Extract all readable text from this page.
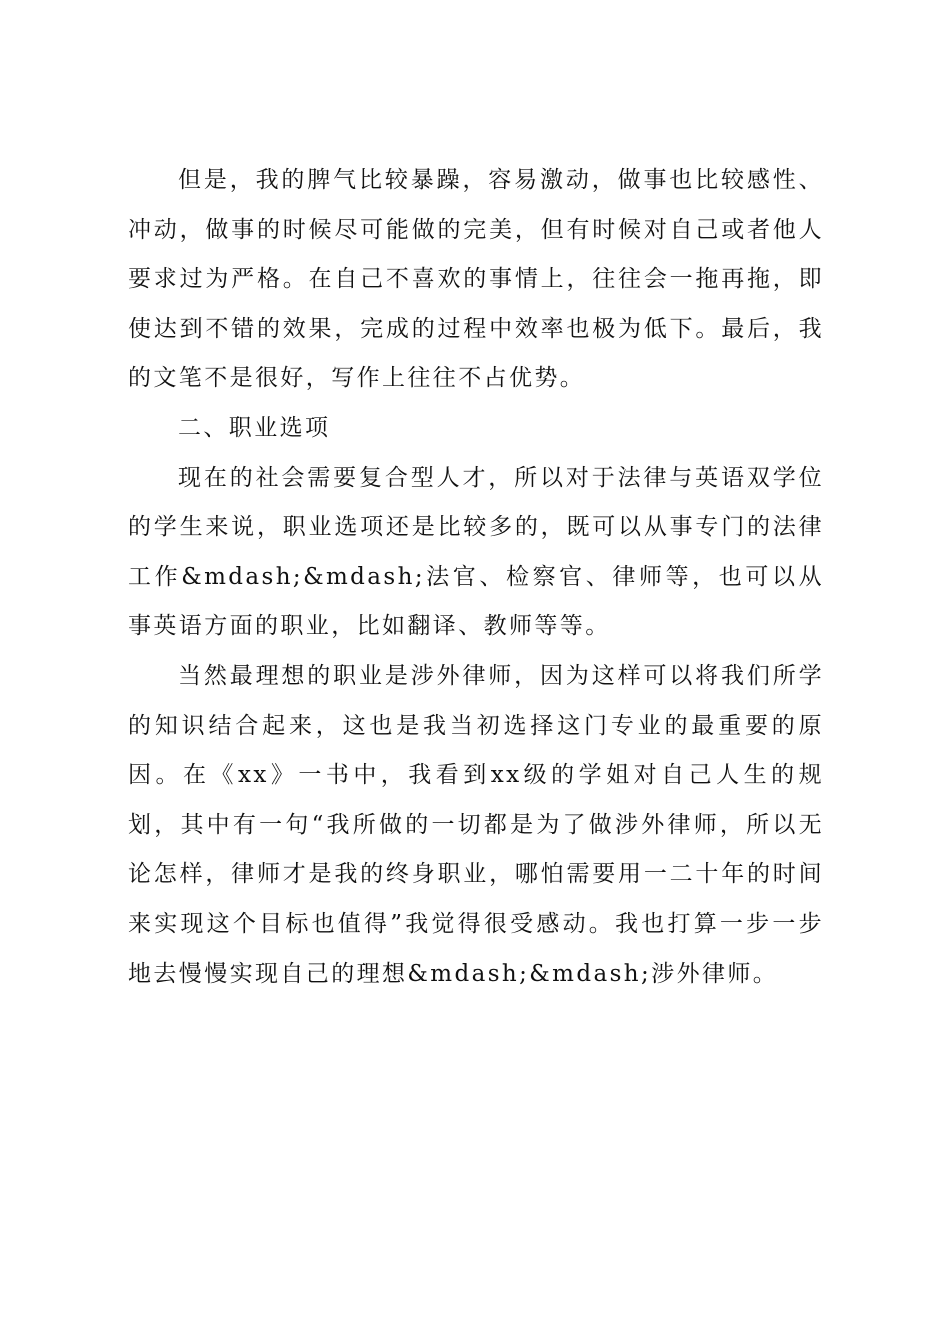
但是，我的脾气比较暴躁，容易激动，做事也比较感性、冲动，做事的时候尽可能做的完美，但有时候对自己或者他人要求过为严格。在自己不喜欢的事情上，往往会一拖再拖，即使达到不错的效果，完成的过程中效率也极为低下。最后，我的文笔不是很好，写作上往往不占优势。

二、职业选项

现在的社会需要复合型人才，所以对于法律与英语双学位的学生来说，职业选项还是比较多的，既可以从事专门的法律工作&mdash;&mdash;法官、检察官、律师等，也可以从事英语方面的职业，比如翻译、教师等等。

当然最理想的职业是涉外律师，因为这样可以将我们所学的知识结合起来，这也是我当初选择这门专业的最重要的原因。在《xx》一书中，我看到xx级的学姐对自己人生的规划，其中有一句“我所做的一切都是为了做涉外律师，所以无论怎样，律师才是我的终身职业，哪怕需要用一二十年的时间来实现这个目标也值得”我觉得很受感动。我也打算一步一步地去慢慢实现自己的理想&mdash;&mdash;涉外律师。
